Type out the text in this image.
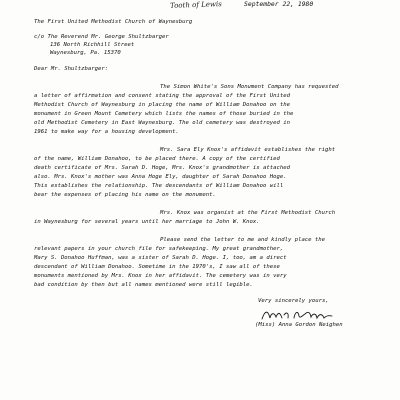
Tooth of Lewis	September 22, 1980
The First United Methodist Church of Waynesburg
c/o The Reverend Mr. George Shultzbarger
136 North Richhill Street
Waynesburg, Pa. 15370
Dear Mr. Shultzbarger:
The Simon White's Sons Monument Company has requested
a letter of affirmation and consent stating the approval of the First United
Methodist Church of Waynesburg in placing the name of William Donahoo on the
monument in Green Mount Cemetery which lists the names of those buried in the
old Methodist Cemetery in East Waynesburg. The old cemetery was destroyed in
1961 to make way for a housing development.
Mrs. Sara Ely Knox's affidavit establishes the right
of the name, William Donahoo, to be placed there. A copy of the certified
death certificate of Mrs. Sarah D. Hoge, Mrs. Knox's grandmother is attached
also. Mrs. Knox's mother was Anna Hoge Ely, daughter of Sarah Donahoo Hoge.
This establishes the relationship. The descendants of William Donahoo will
bear the expenses of placing his name on the monument.
Mrs. Knox was organist at the First Methodist Church
in Waynesburg for several years until her marriage to John W. Knox.
Please send the letter to me and kindly place the
relevant papers in your church file for safekeeping. My great grandmother,
Mary S. Donahoo Huffman, was a sister of Sarah D. Hoge. I, too, am a direct
descendant of William Donahoo. Sometime in the 1970's, I saw all of these
monuments mentioned by Mrs. Knox in her affidavit. The cemetery was in very
bad condition by then but all names mentioned were still legible.
Very sincerely yours,
(Miss) Anna Gordon Neighen
